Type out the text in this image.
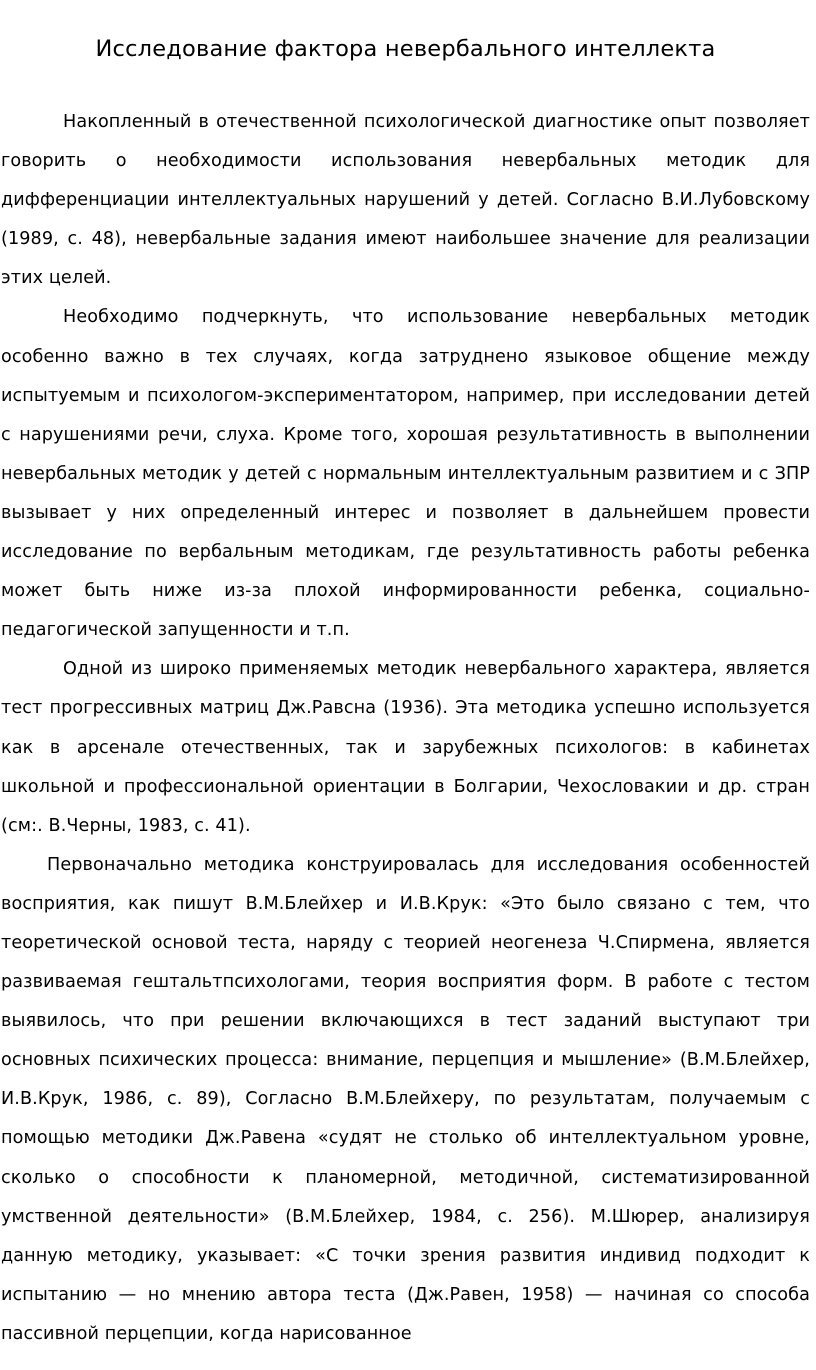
Исследование фактора невербального интеллекта

Накопленный в отечественной психологической диагностике опыт позволяет говорить о необходимости использования невербальных методик для дифференциации интеллектуальных нарушений у детей. Согласно В.И.Лубовскому (1989, с. 48), невербальные задания имеют наибольшее значение для реализации этих целей.

Необходимо подчеркнуть, что использование невербальных методик особенно важно в тех случаях, когда затруднено языковое общение между испытуемым и психологом-экспериментатором, например, при исследовании детей с нарушениями речи, слуха. Кроме того, хорошая результативность в выполнении невербальных методик у детей с нормальным интеллектуальным развитием и с ЗПР вызывает у них определенный интерес и позволяет в дальнейшем провести исследование по вербальным методикам, где результативность работы ребенка может быть ниже из-за плохой информированности ребенка, социально-педагогической запущенности и т.п.

Одной из широко применяемых методик невербального характера, является тест прогрессивных матриц Дж.Равсна (1936). Эта методика успешно используется как в арсенале отечественных, так и зарубежных психологов: в кабинетах школьной и профессиональной ориентации в Болгарии, Чехословакии и др. стран (см:. В.Черны, 1983, с. 41).

Первоначально методика конструировалась для исследования особенностей восприятия, как пишут В.М.Блейхер и И.В.Крук: «Это было связано с тем, что теоретической основой теста, наряду с теорией неогенеза Ч.Спирмена, является развиваемая гештальтпсихологами, теория восприятия форм. В работе с тестом выявилось, что при решении включающихся в тест заданий выступают три основных психических процесса: внимание, перцепция и мышление» (В.М.Блейхер, И.В.Крук, 1986, с. 89), Согласно В.М.Блейхеру, по результатам, получаемым с помощью методики Дж.Равена «судят не столько об интеллектуальном уровне, сколько о способности к планомерной, методичной, систематизированной умственной деятельности» (В.М.Блейхер, 1984, с. 256). М.Шюрер, анализируя данную методику, указывает: «С точки зрения развития индивид подходит к испытанию — но мнению автора теста (Дж.Равен, 1958) — начиная со способа пассивной перцепции, когда нарисованное
